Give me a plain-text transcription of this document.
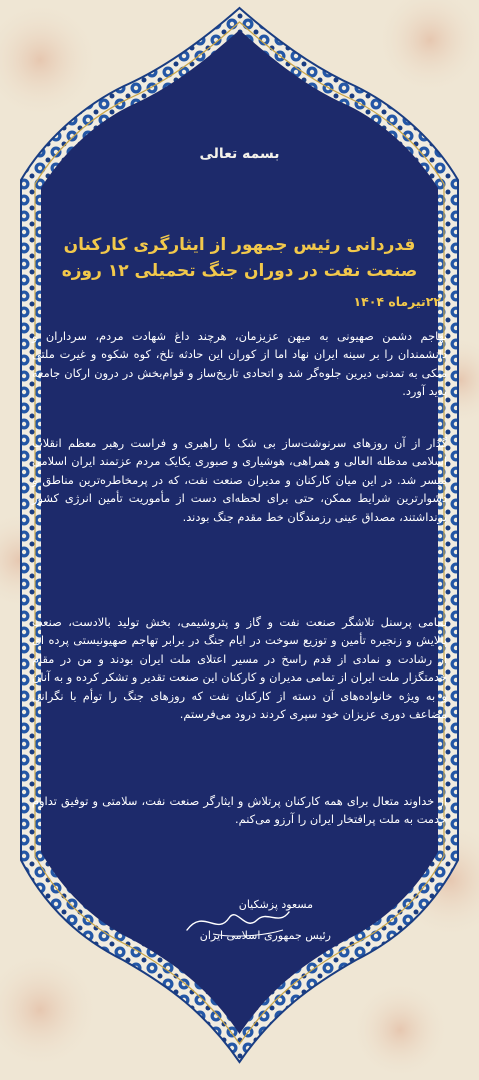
بسمه تعالی
قدردانی رئیس جمهور از ایثارگری کارکنان
صنعت نفت در دوران جنگ تحمیلی ۱۲ روزه
۲۲تیرماه ۱۴۰۴
تهاجم دشمن صهیونی به میهن عزیزمان، هرچند داغ شهادت مردم، سرداران و دانشمندان را بر سینه ایران نهاد اما از کوران این حادثه تلخ، کوه شکوه و غیرت ملتی متکی به تمدنی دیرین جلوه‌گر شد و اتحادی تاریخ‌ساز و قوام‌بخش در درون ارکان جامعه پدید آورد.
گذار از آن روزهای سرنوشت‌ساز بی شک با راهبری و فراست رهبر معظم انقلاب اسلامی مدظله العالی و همراهی، هوشیاری و صبوری یکایک مردم عزتمند ایران اسلامی میسر شد. در این میان کارکنان و مدیران صنعت نفت، که در پرمخاطره‌ترین مناطق و دشوارترین شرایط ممکن، حتی برای لحظه‌ای دست از مأموریت تأمین انرژی کشور برنداشتند، مصداق عینی رزمندگان خط مقدم جنگ بودند.
تمامی پرسنل تلاشگر صنعت نفت و گاز و پتروشیمی، بخش تولید بالادست، صنعت پالایش و زنجیره تأمین و توزیع سوخت در ایام جنگ در برابر تهاجم صهیونیستی پرده ای از رشادت و نمادی از قدم راسخ در مسیر اعتلای ملت ایران بودند و من در مقام خدمتگزار ملت ایران از تمامی مدیران و کارکنان این صنعت تقدیر و تشکر کرده و به آنان و به ویژه خانواده‌های آن دسته از کارکنان نفت که روزهای جنگ را توأم با نگرانی مضاعف دوری عزیزان خود سپری کردند درود می‌فرستم.
از خداوند متعال برای همه کارکنان پرتلاش و ایثارگر صنعت نفت، سلامتی و توفیق تداوم خدمت به ملت پرافتخار ایران را آرزو می‌کنم.
مسعود پزشکیان
رئیس جمهوری اسلامی ایران
